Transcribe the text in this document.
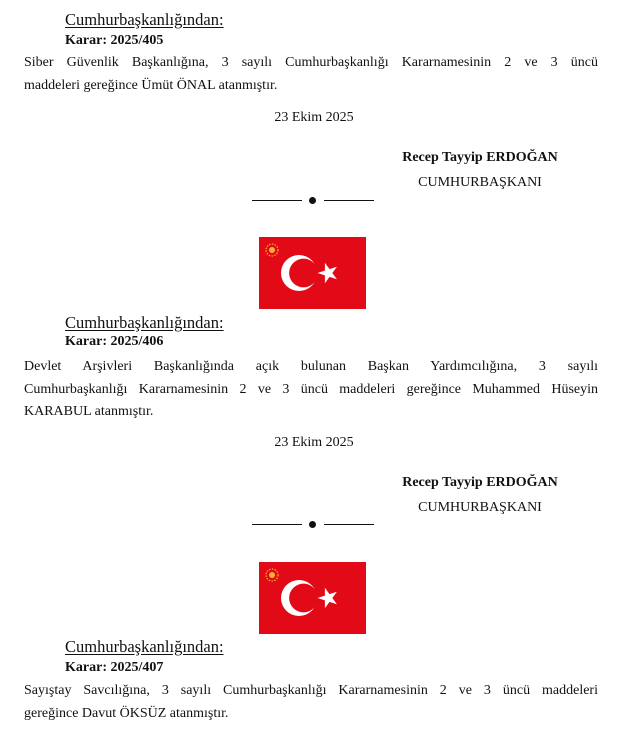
Cumhurbaşkanlığından:
Karar: 2025/405
Siber Güvenlik Başkanlığına, 3 sayılı Cumhurbaşkanlığı Kararnamesinin 2 ve 3 üncü
maddeleri gereğince Ümüt ÖNAL atanmıştır.
23 Ekim 2025
Recep Tayyip ERDOĞAN
CUMHURBAŞKANI
Cumhurbaşkanlığından:
Karar: 2025/406
Devlet Arşivleri Başkanlığında açık bulunan Başkan Yardımcılığına, 3 sayılı
Cumhurbaşkanlığı Kararnamesinin 2 ve 3 üncü maddeleri gereğince Muhammed Hüseyin
KARABUL atanmıştır.
23 Ekim 2025
Recep Tayyip ERDOĞAN
CUMHURBAŞKANI
Cumhurbaşkanlığından:
Karar: 2025/407
Sayıştay Savcılığına, 3 sayılı Cumhurbaşkanlığı Kararnamesinin 2 ve 3 üncü maddeleri
gereğince Davut ÖKSÜZ atanmıştır.
